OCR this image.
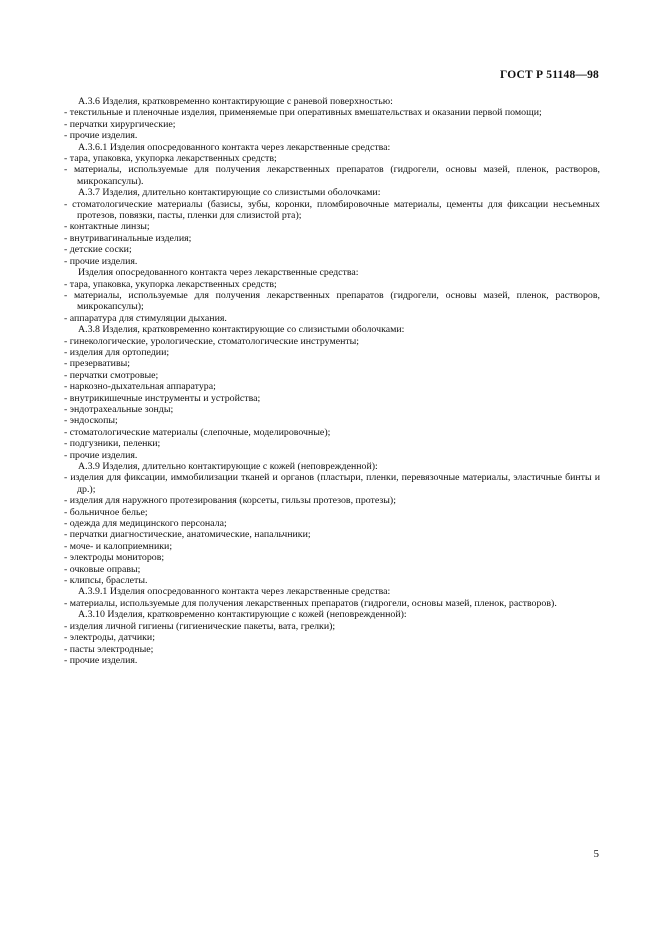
ГОСТ Р 51148—98

A.3.6 Изделия, кратковременно контактирующие с раневой поверхностью:

- текстильные и пленочные изделия, применяемые при оперативных вмешательствах и оказании первой помощи;

- перчатки хирургические;

- прочие изделия.

A.3.6.1 Изделия опосредованного контакта через лекарственные средства:

- тара, упаковка, укупорка лекарственных средств;

- материалы, используемые для получения лекарственных препаратов (гидрогели, основы мазей, пленок, растворов, микрокапсулы).

A.3.7 Изделия, длительно контактирующие со слизистыми оболочками:

- стоматологические материалы (базисы, зубы, коронки, пломбировочные материалы, цементы для фиксации несъемных протезов, повязки, пасты, пленки для слизистой рта);

- контактные линзы;

- внутривагинальные изделия;

- детские соски;

- прочие изделия.

Изделия опосредованного контакта через лекарственные средства:

- тара, упаковка, укупорка лекарственных средств;

- материалы, используемые для получения лекарственных препаратов (гидрогели, основы мазей, пленок, растворов, микрокапсулы);

- аппаратура для стимуляции дыхания.

A.3.8 Изделия, кратковременно контактирующие со слизистыми оболочками:

- гинекологические, урологические, стоматологические инструменты;

- изделия для ортопедии;

- презервативы;

- перчатки смотровые;

- наркозно-дыхательная аппаратура;

- внутрикишечные инструменты и устройства;

- эндотрахеальные зонды;

- эндоскопы;

- стоматологические материалы (слепочные, моделировочные);

- подгузники, пеленки;

- прочие изделия.

A.3.9 Изделия, длительно контактирующие с кожей (неповрежденной):

- изделия для фиксации, иммобилизации тканей и органов (пластыри, пленки, перевязочные материалы, эластичные бинты и др.);

- изделия для наружного протезирования (корсеты, гильзы протезов, протезы);

- больничное белье;

- одежда для медицинского персонала;

- перчатки диагностические, анатомические, напальчники;

- моче- и калоприемники;

- электроды мониторов;

- очковые оправы;

- клипсы, браслеты.

A.3.9.1 Изделия опосредованного контакта через лекарственные средства:

- материалы, используемые для получения лекарственных препаратов (гидрогели, основы мазей, пленок, растворов).

A.3.10 Изделия, кратковременно контактирующие с кожей (неповрежденной):

- изделия личной гигиены (гигиенические пакеты, вата, грелки);

- электроды, датчики;

- пасты электродные;

- прочие изделия.

5
